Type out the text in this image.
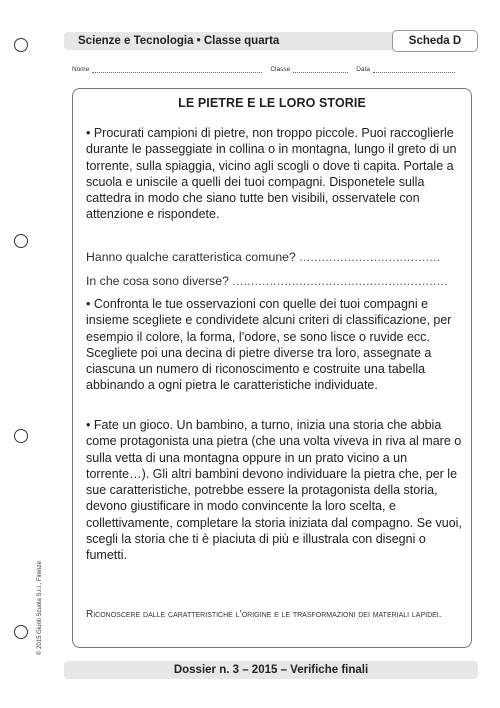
Scienze e Tecnologia • Classe quarta	Scheda D
Nome	Classe	Data
LE PIETRE E LE LORO STORIE

• Procurati campioni di pietre, non troppo piccole. Puoi raccoglierle durante le passeggiate in collina o in montagna, lungo il greto di un torrente, sulla spiaggia, vicino agli scogli o dove ti capita. Portale a scuola e uniscile a quelli dei tuoi compagni. Disponetele sulla cattedra in modo che siano tutte ben visibili, osservatele con attenzione e rispondete.

Hanno qualche caratteristica comune? ......................................
In che cosa sono diverse? ..........................................................

• Confronta le tue osservazioni con quelle dei tuoi compagni e insieme scegliete e condividete alcuni criteri di classificazione, per esempio il colore, la forma, l’odore, se sono lisce o ruvide ecc. Scegliete poi una decina di pietre diverse tra loro, assegnate a ciascuna un numero di riconoscimento e costruite una tabella abbinando a ogni pietra le caratteristiche individuate.

• Fate un gioco. Un bambino, a turno, inizia una storia che abbia come protagonista una pietra (che una volta viveva in riva al mare o sulla vetta di una montagna oppure in un prato vicino a un torrente…). Gli altri bambini devono individuare la pietra che, per le sue caratteristiche, potrebbe essere la protagonista della storia, devono giustificare in modo convincente la loro scelta, e collettivamente, completare la storia iniziata dal compagno. Se vuoi, scegli la storia che ti è piaciuta di più e illustrala con disegni o fumetti.

Riconoscere dalle caratteristiche l’origine e le trasformazioni dei materiali lapidei.
© 2015 Giunti Scuola S.r.l., Firenze
Dossier n. 3 – 2015 – Verifiche finali
